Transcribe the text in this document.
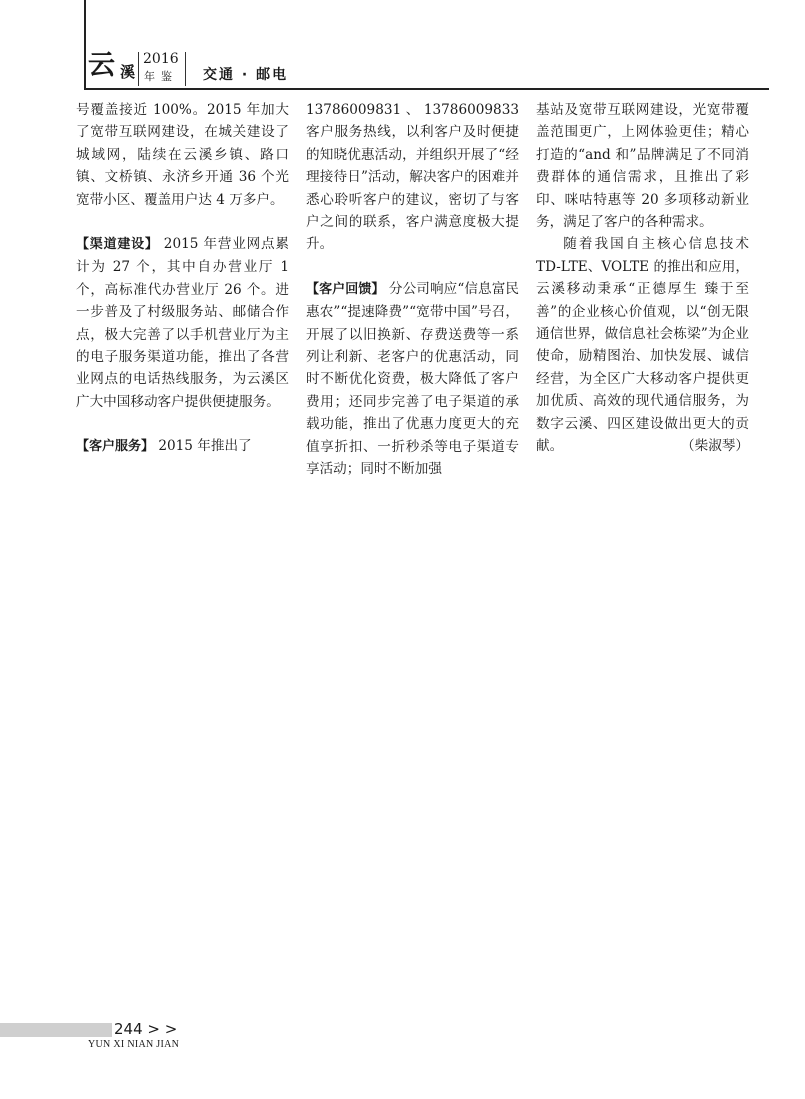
云 溪
2016
年鉴 交通 · 邮电

号覆盖接近 100%。2015 年加大了宽带互联网建设，在城关建设了城域网，陆续在云溪乡镇、路口镇、文桥镇、永济乡开通 36 个光宽带小区、覆盖用户达 4 万多户。

【渠道建设】 2015 年营业网点累计为 27 个，其中自办营业厅 1 个，高标准代办营业厅 26 个。进一步普及了村级服务站、邮储合作点，极大完善了以手机营业厅为主的电子服务渠道功能，推出了各营业网点的电话热线服务，为云溪区广大中国移动客户提供便捷服务。

【客户服务】 2015 年推出了

13786009831、13786009833 客户服务热线，以利客户及时便捷的知晓优惠活动，并组织开展了“经理接待日”活动，解决客户的困难并悉心聆听客户的建议，密切了与客户之间的联系，客户满意度极大提升。

【客户回馈】 分公司响应“信息富民惠农”“提速降费”“宽带中国”号召，开展了以旧换新、存费送费等一系列让利新、老客户的优惠活动，同时不断优化资费，极大降低了客户费用；还同步完善了电子渠道的承载功能，推出了优惠力度更大的充值享折扣、一折秒杀等电子渠道专享活动；同时不断加强

基站及宽带互联网建设，光宽带覆盖范围更广，上网体验更佳；精心打造的“and 和”品牌满足了不同消费群体的通信需求，且推出了彩印、咪咕特惠等 20 多项移动新业务，满足了客户的各种需求。

随着我国自主核心信息技术 TD-LTE、VOLTE 的推出和应用，云溪移动秉承“正德厚生 臻于至善”的企业核心价值观，以“创无限通信世界，做信息社会栋梁”为企业使命，励精图治、加快发展、诚信经营，为全区广大移动客户提供更加优质、高效的现代通信服务，为数字云溪、四区建设做出更大的贡献。	（柴淑琴）

244 > >
YUN XI NIAN JIAN
